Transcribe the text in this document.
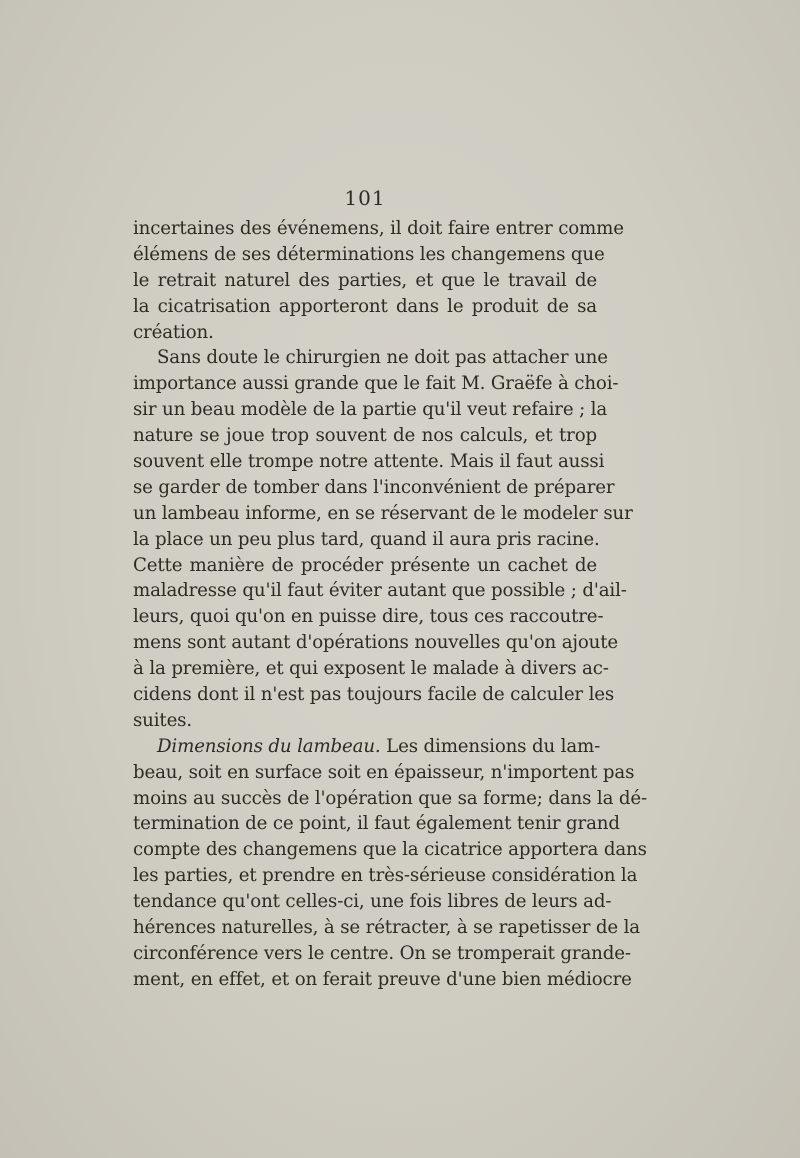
101
incertaines des événemens, il doit faire entrer comme
élémens de ses déterminations les changemens que
le retrait naturel des parties, et que le travail de
la cicatrisation apporteront dans le produit de sa
création.
Sans doute le chirurgien ne doit pas attacher une
importance aussi grande que le fait M. Graëfe à choi-
sir un beau modèle de la partie qu'il veut refaire ; la
nature se joue trop souvent de nos calculs, et trop
souvent elle trompe notre attente. Mais il faut aussi
se garder de tomber dans l'inconvénient de préparer
un lambeau informe, en se réservant de le modeler sur
la place un peu plus tard, quand il aura pris racine.
Cette manière de procéder présente un cachet de
maladresse qu'il faut éviter autant que possible ; d'ail-
leurs, quoi qu'on en puisse dire, tous ces raccoutre-
mens sont autant d'opérations nouvelles qu'on ajoute
à la première, et qui exposent le malade à divers ac-
cidens dont il n'est pas toujours facile de calculer les
suites.
Dimensions du lambeau. Les dimensions du lam-
beau, soit en surface soit en épaisseur, n'importent pas
moins au succès de l'opération que sa forme; dans la dé-
termination de ce point, il faut également tenir grand
compte des changemens que la cicatrice apportera dans
les parties, et prendre en très-sérieuse considération la
tendance qu'ont celles-ci, une fois libres de leurs ad-
hérences naturelles, à se rétracter, à se rapetisser de la
circonférence vers le centre. On se tromperait grande-
ment, en effet, et on ferait preuve d'une bien médiocre
